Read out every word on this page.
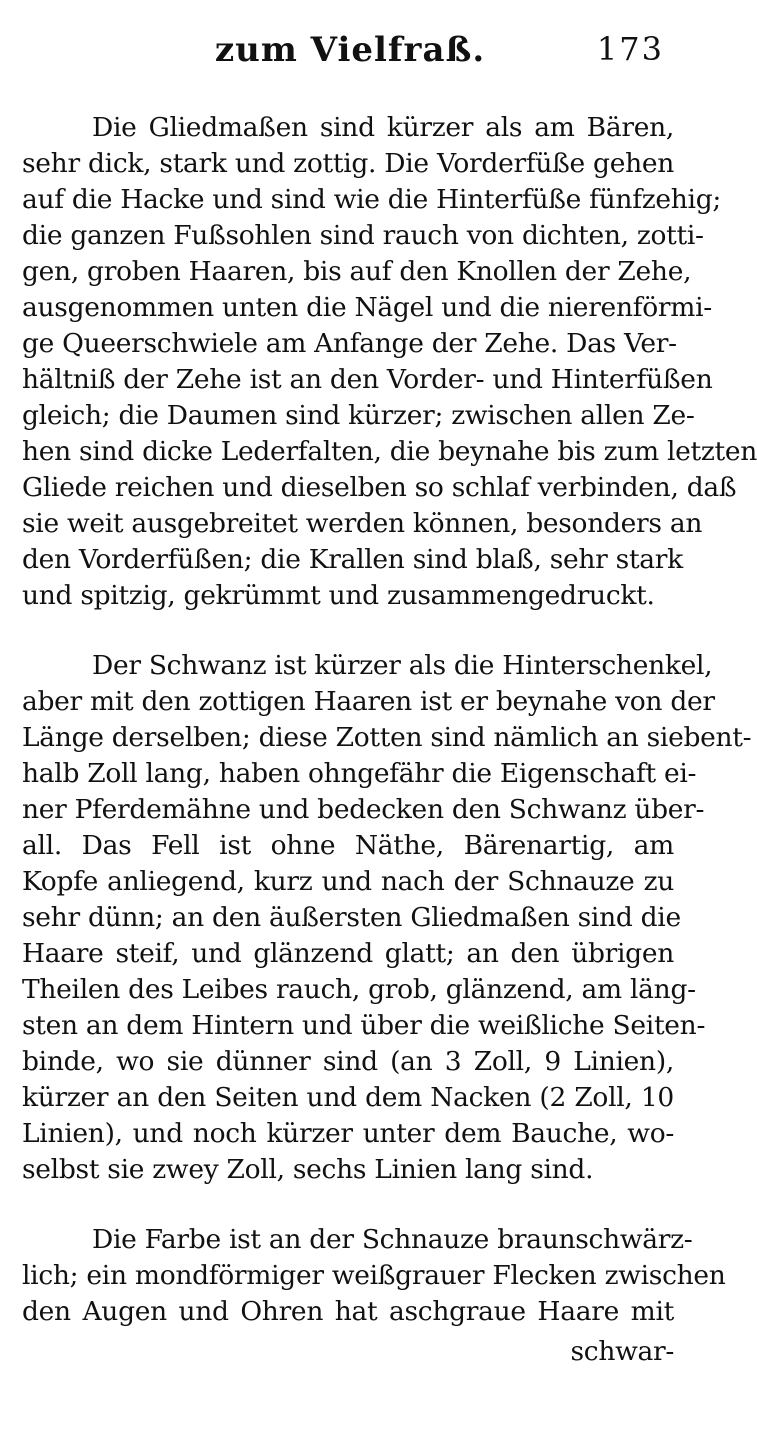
zum Vielfraß.	173
Die Gliedmaßen sind kürzer als am Bären,
sehr dick, stark und zottig. Die Vorderfüße gehen
auf die Hacke und sind wie die Hinterfüße fünfzehig;
die ganzen Fußsohlen sind rauch von dichten, zotti-
gen, groben Haaren, bis auf den Knollen der Zehe,
ausgenommen unten die Nägel und die nierenförmi-
ge Queerschwiele am Anfange der Zehe. Das Ver-
hältniß der Zehe ist an den Vorder- und Hinterfüßen
gleich; die Daumen sind kürzer; zwischen allen Ze-
hen sind dicke Lederfalten, die beynahe bis zum letzten
Gliede reichen und dieselben so schlaf verbinden, daß
sie weit ausgebreitet werden können, besonders an
den Vorderfüßen; die Krallen sind blaß, sehr stark
und spitzig, gekrümmt und zusammengedruckt.
Der Schwanz ist kürzer als die Hinterschenkel,
aber mit den zottigen Haaren ist er beynahe von der
Länge derselben; diese Zotten sind nämlich an siebent-
halb Zoll lang, haben ohngefähr die Eigenschaft ei-
ner Pferdemähne und bedecken den Schwanz über-
all. Das Fell ist ohne Näthe, Bärenartig, am
Kopfe anliegend, kurz und nach der Schnauze zu
sehr dünn; an den äußersten Gliedmaßen sind die
Haare steif, und glänzend glatt; an den übrigen
Theilen des Leibes rauch, grob, glänzend, am läng-
sten an dem Hintern und über die weißliche Seiten-
binde, wo sie dünner sind (an 3 Zoll, 9 Linien),
kürzer an den Seiten und dem Nacken (2 Zoll, 10
Linien), und noch kürzer unter dem Bauche, wo-
selbst sie zwey Zoll, sechs Linien lang sind.
Die Farbe ist an der Schnauze braunschwärz-
lich; ein mondförmiger weißgrauer Flecken zwischen
den Augen und Ohren hat aschgraue Haare mit
schwar-
